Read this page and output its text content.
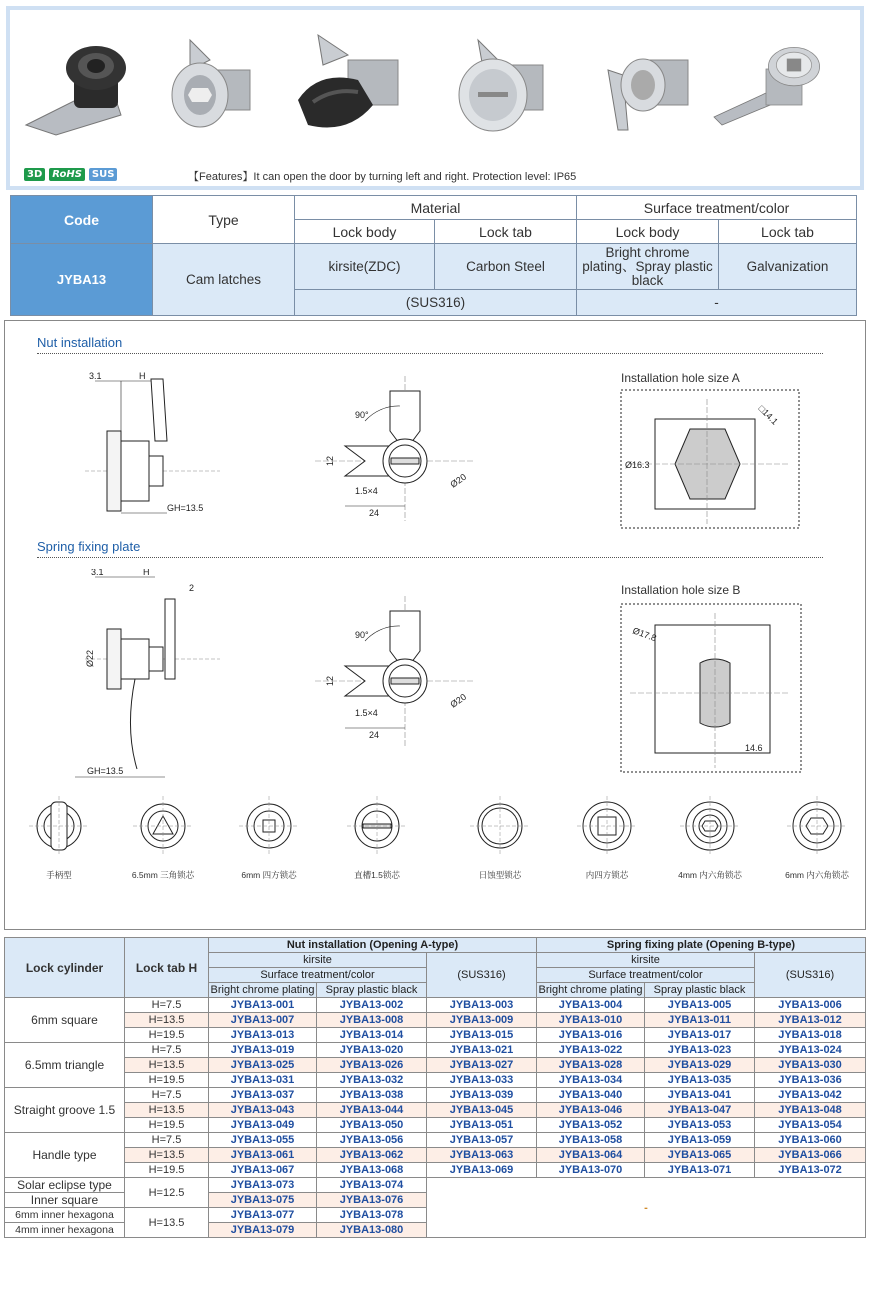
3D	RoHS	SUS	【Features】It can open the door by turning left and right. Protection level: IP65
Code	Type	Material		Surface treatment/color	
		Lock body	Lock tab	Lock body	Lock tab
JYBA13	Cam latches	kirsite(ZDC)	Carbon Steel	Bright chrome plating、Spray plastic black	Galvanization
		(SUS316)		-	
Nut installation
3.1	H
GH=13.5
90°
12
1.5×4
24
Ø20
Installation hole size A
Ø16.3
□14.1
Spring fixing plate
3.1	H
2
Ø22
GH=13.5
90°
12
1.5×4
24
Ø20
Installation hole size B
Ø17.8
14.6
手柄型	6.5mm 三角锁芯	6mm 四方锁芯	直槽1.5锁芯	日蚀型锁芯	内四方锁芯	4mm 内六角锁芯	6mm 内六角锁芯
Lock cylinder	Lock tab H	Nut installation (Opening A-type)			Spring fixing plate (Opening B-type)		
		kirsite		(SUS316)	kirsite		(SUS316)
		Surface treatment/color			Surface treatment/color		
		Bright chrome plating	Spray plastic black		Bright chrome plating	Spray plastic black	
6mm square	H=7.5	JYBA13-001	JYBA13-002	JYBA13-003	JYBA13-004	JYBA13-005	JYBA13-006
	H=13.5	JYBA13-007	JYBA13-008	JYBA13-009	JYBA13-010	JYBA13-011	JYBA13-012
	H=19.5	JYBA13-013	JYBA13-014	JYBA13-015	JYBA13-016	JYBA13-017	JYBA13-018
6.5mm triangle	H=7.5	JYBA13-019	JYBA13-020	JYBA13-021	JYBA13-022	JYBA13-023	JYBA13-024
	H=13.5	JYBA13-025	JYBA13-026	JYBA13-027	JYBA13-028	JYBA13-029	JYBA13-030
	H=19.5	JYBA13-031	JYBA13-032	JYBA13-033	JYBA13-034	JYBA13-035	JYBA13-036
Straight groove 1.5	H=7.5	JYBA13-037	JYBA13-038	JYBA13-039	JYBA13-040	JYBA13-041	JYBA13-042
	H=13.5	JYBA13-043	JYBA13-044	JYBA13-045	JYBA13-046	JYBA13-047	JYBA13-048
	H=19.5	JYBA13-049	JYBA13-050	JYBA13-051	JYBA13-052	JYBA13-053	JYBA13-054
Handle type	H=7.5	JYBA13-055	JYBA13-056	JYBA13-057	JYBA13-058	JYBA13-059	JYBA13-060
	H=13.5	JYBA13-061	JYBA13-062	JYBA13-063	JYBA13-064	JYBA13-065	JYBA13-066
	H=19.5	JYBA13-067	JYBA13-068	JYBA13-069	JYBA13-070	JYBA13-071	JYBA13-072
Solar eclipse type	H=12.5	JYBA13-073	JYBA13-074	-			
Inner square		JYBA13-075	JYBA13-076				
6mm inner hexagona	H=13.5	JYBA13-077	JYBA13-078				
4mm inner hexagona		JYBA13-079	JYBA13-080				
